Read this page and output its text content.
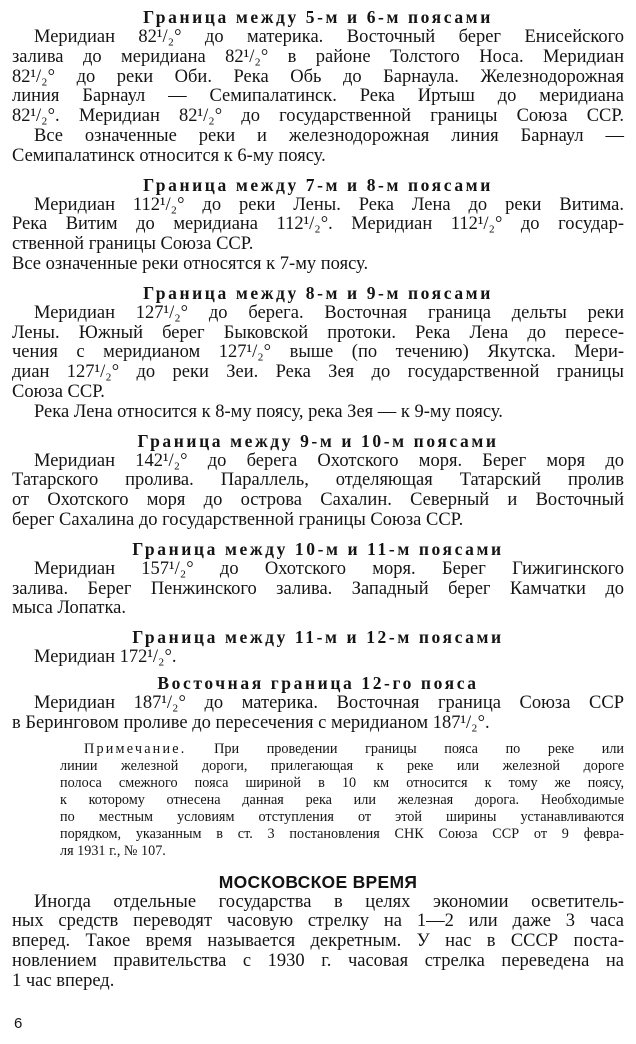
Граница между 5-м и 6-м поясами
Меридиан 82¹/₂° до материка. Восточный берег Енисейского
залива до меридиана 82¹/₂° в районе Толстого Носа. Меридиан
82¹/₂° до реки Оби. Река Обь до Барнаула. Железнодорожная
линия Барнаул — Семипалатинск. Река Иртыш до меридиана
82¹/₂°. Меридиан 82¹/₂° до государственной границы Союза ССР.
Все означенные реки и железнодорожная линия Барнаул —
Семипалатинск относится к 6-му поясу.
Граница между 7-м и 8-м поясами
Меридиан 112¹/₂° до реки Лены. Река Лена до реки Витима.
Река Витим до меридиана 112¹/₂°. Меридиан 112¹/₂° до государ-
ственной границы Союза ССР.
Все означенные реки относятся к 7-му поясу.
Граница между 8-м и 9-м поясами
Меридиан 127¹/₂° до берега. Восточная граница дельты реки
Лены. Южный берег Быковской протоки. Река Лена до пересе-
чения с меридианом 127¹/₂° выше (по течению) Якутска. Мери-
диан 127¹/₂° до реки Зеи. Река Зея до государственной границы
Союза ССР.
Река Лена относится к 8-му поясу, река Зея — к 9-му поясу.
Граница между 9-м и 10-м поясами
Меридиан 142¹/₂° до берега Охотского моря. Берег моря до
Татарского пролива. Параллель, отделяющая Татарский пролив
от Охотского моря до острова Сахалин. Северный и Восточный
берег Сахалина до государственной границы Союза ССР.
Граница между 10-м и 11-м поясами
Меридиан 157¹/₂° до Охотского моря. Берег Гижигинского
залива. Берег Пенжинского залива. Западный берег Камчатки до
мыса Лопатка.
Граница между 11-м и 12-м поясами
Меридиан 172¹/₂°.
Восточная граница 12-го пояса
Меридиан 187¹/₂° до материка. Восточная граница Союза ССР
в Беринговом проливе до пересечения с меридианом 187¹/₂°.
Примечание. При проведении границы пояса по реке или
линии железной дороги, прилегающая к реке или железной дороге
полоса смежного пояса шириной в 10 км относится к тому же поясу,
к которому отнесена данная река или железная дорога. Необходимые
по местным условиям отступления от этой ширины устанавливаются
порядком, указанным в ст. 3 постановления СНК Союза ССР от 9 февра-
ля 1931 г., № 107.
МОСКОВСКОЕ ВРЕМЯ
Иногда отдельные государства в целях экономии осветитель-
ных средств переводят часовую стрелку на 1—2 или даже 3 часа
вперед. Такое время называется декретным. У нас в СССР поста-
новлением правительства с 1930 г. часовая стрелка переведена на
1 час вперед.
6
